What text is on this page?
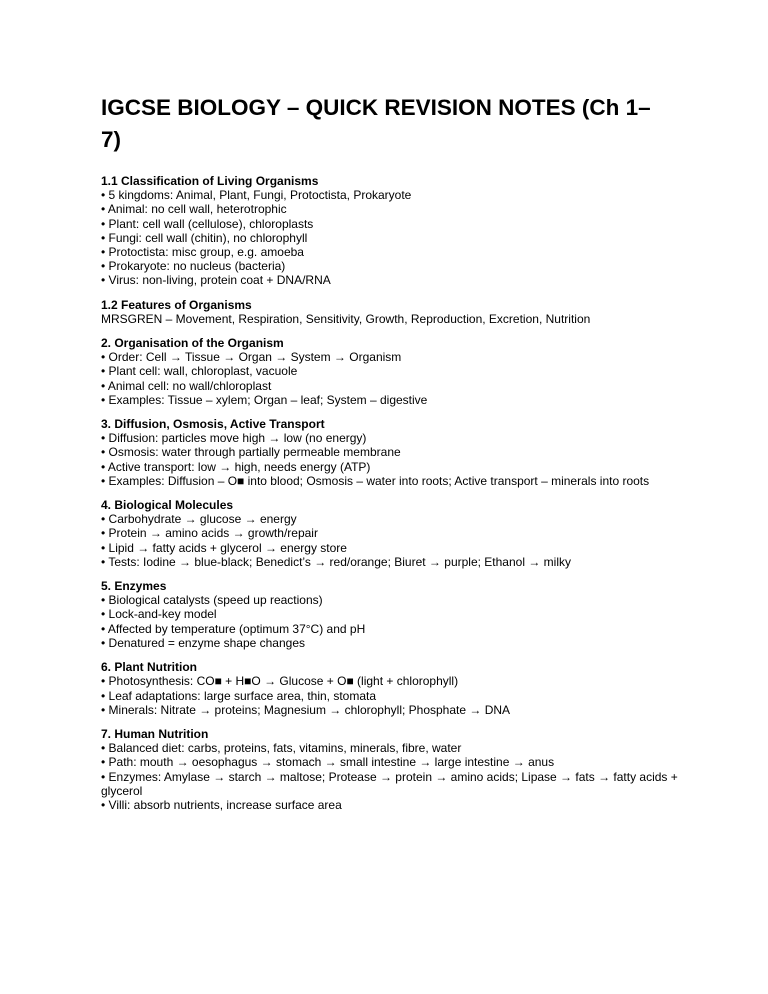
IGCSE BIOLOGY – QUICK REVISION NOTES (Ch 1–7)
1.1 Classification of Living Organisms
• 5 kingdoms: Animal, Plant, Fungi, Protoctista, Prokaryote
• Animal: no cell wall, heterotrophic
• Plant: cell wall (cellulose), chloroplasts
• Fungi: cell wall (chitin), no chlorophyll
• Protoctista: misc group, e.g. amoeba
• Prokaryote: no nucleus (bacteria)
• Virus: non-living, protein coat + DNA/RNA
1.2 Features of Organisms
MRSGREN – Movement, Respiration, Sensitivity, Growth, Reproduction, Excretion, Nutrition
2. Organisation of the Organism
• Order: Cell → Tissue → Organ → System → Organism
• Plant cell: wall, chloroplast, vacuole
• Animal cell: no wall/chloroplast
• Examples: Tissue – xylem; Organ – leaf; System – digestive
3. Diffusion, Osmosis, Active Transport
• Diffusion: particles move high → low (no energy)
• Osmosis: water through partially permeable membrane
• Active transport: low → high, needs energy (ATP)
• Examples: Diffusion – O■ into blood; Osmosis – water into roots; Active transport – minerals into roots
4. Biological Molecules
• Carbohydrate → glucose → energy
• Protein → amino acids → growth/repair
• Lipid → fatty acids + glycerol → energy store
• Tests: Iodine → blue-black; Benedict’s → red/orange; Biuret → purple; Ethanol → milky
5. Enzymes
• Biological catalysts (speed up reactions)
• Lock-and-key model
• Affected by temperature (optimum 37°C) and pH
• Denatured = enzyme shape changes
6. Plant Nutrition
• Photosynthesis: CO■ + H■O → Glucose + O■ (light + chlorophyll)
• Leaf adaptations: large surface area, thin, stomata
• Minerals: Nitrate → proteins; Magnesium → chlorophyll; Phosphate → DNA
7. Human Nutrition
• Balanced diet: carbs, proteins, fats, vitamins, minerals, fibre, water
• Path: mouth → oesophagus → stomach → small intestine → large intestine → anus
• Enzymes: Amylase → starch → maltose; Protease → protein → amino acids; Lipase → fats → fatty acids + glycerol
• Villi: absorb nutrients, increase surface area
